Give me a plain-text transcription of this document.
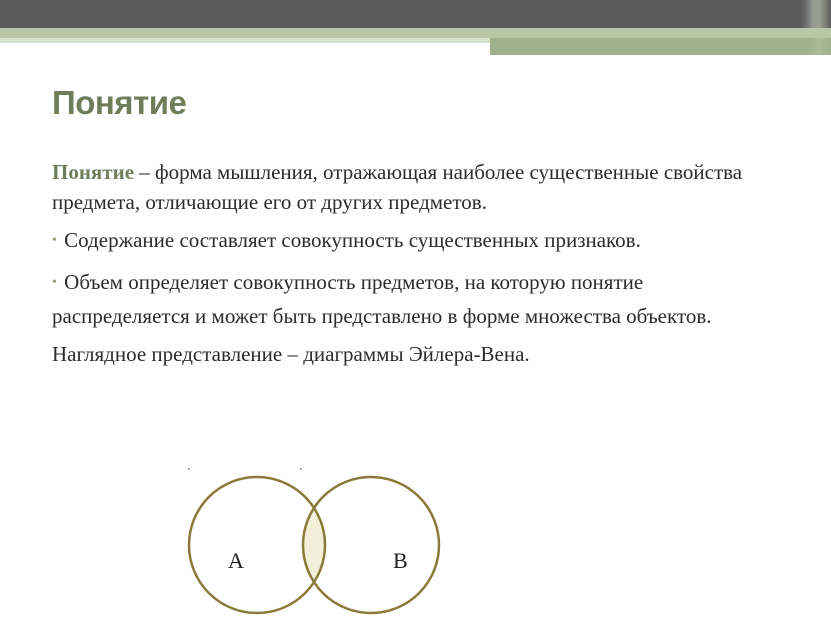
Понятие

Понятие – форма мышления, отражающая наиболее существенные свойства предмета, отличающие его от других предметов.

• Содержание составляет совокупность существенных признаков.

• Объем определяет совокупность предметов, на которую понятие распределяется и может быть представлено в форме множества объектов.

Наглядное представление – диаграммы Эйлера-Вена.

A	B
